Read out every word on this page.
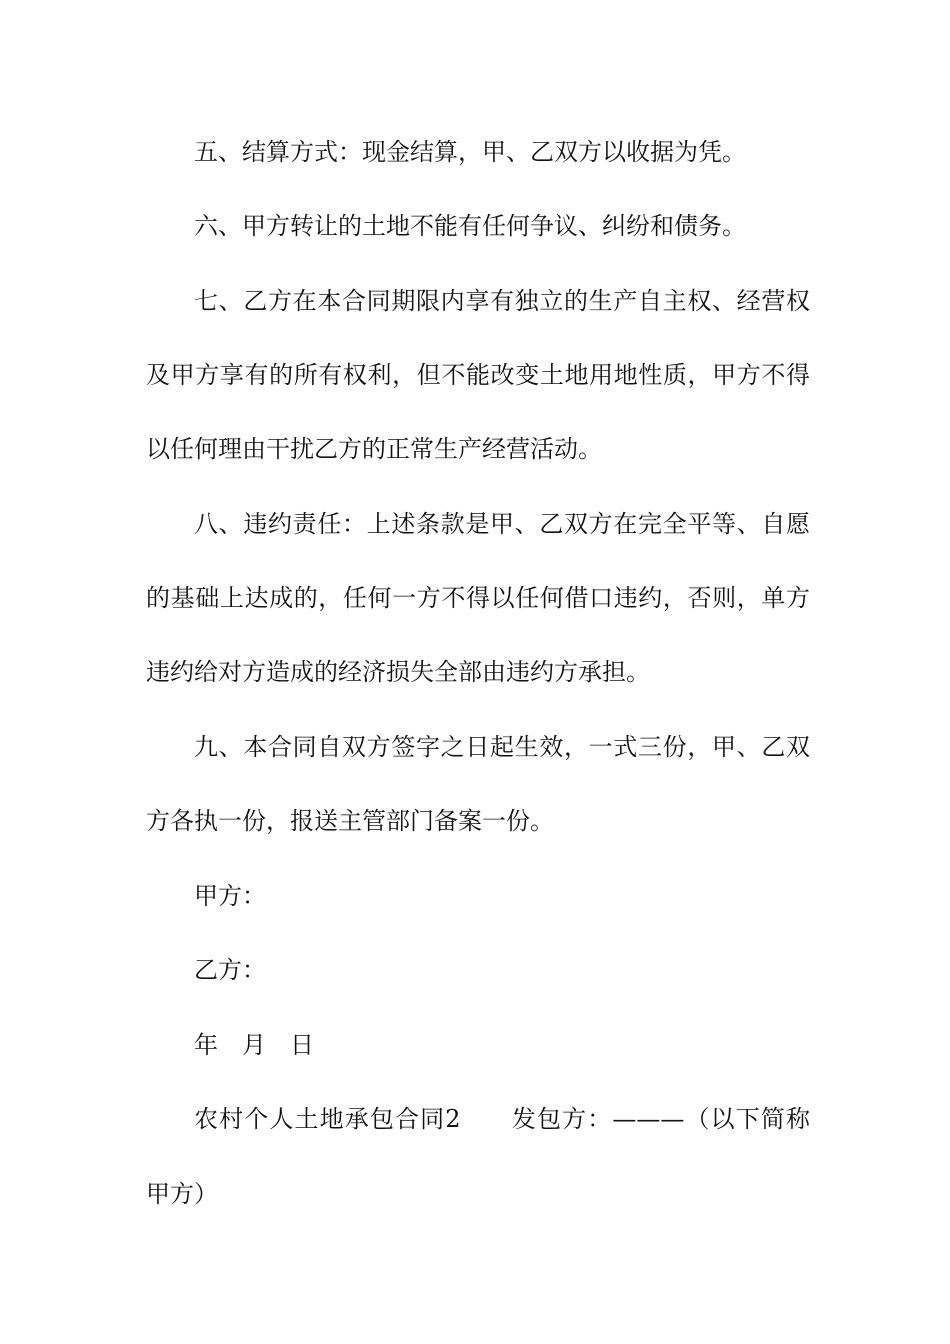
五、结算方式：现金结算，甲、乙双方以收据为凭。
六、甲方转让的土地不能有任何争议、纠纷和债务。
七、乙方在本合同期限内享有独立的生产自主权、经营权
及甲方享有的所有权利，但不能改变土地用地性质，甲方不得
以任何理由干扰乙方的正常生产经营活动。
八、违约责任：上述条款是甲、乙双方在完全平等、自愿
的基础上达成的，任何一方不得以任何借口违约，否则，单方
违约给对方造成的经济损失全部由违约方承担。
九、本合同自双方签字之日起生效，一式三份，甲、乙双
方各执一份，报送主管部门备案一份。
甲方：
乙方：
年　月　日
农村个人土地承包合同2　　发包方：———（以下简称
甲方）
